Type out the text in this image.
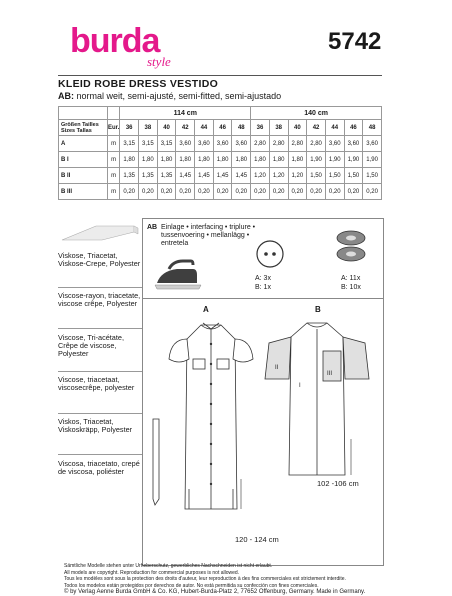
burda
style
5742
KLEID ROBE DRESS VESTIDO
AB: normal weit, semi-ajusté, semi-fitted, semi-ajustado
		114 cm							140 cm						
Größen Tailles
Sizes Tallas	Eur.	36	38	40	42	44	46	48	36	38	40	42	44	46	48
A	m	3,15	3,15	3,15	3,60	3,60	3,60	3,60	2,80	2,80	2,80	2,80	3,60	3,60	3,60
B I	m	1,80	1,80	1,80	1,80	1,80	1,80	1,80	1,80	1,80	1,80	1,90	1,90	1,90	1,90
B II	m	1,35	1,35	1,35	1,45	1,45	1,45	1,45	1,20	1,20	1,20	1,50	1,50	1,50	1,50
B III	m	0,20	0,20	0,20	0,20	0,20	0,20	0,20	0,20	0,20	0,20	0,20	0,20	0,20	0,20
Viskose, Triacetat, Viskose-Crepe, Polyester
Viscose-rayon, triacetate, viscose crêpe, Polyester
Viscose, Tri-acétate, Crêpe de viscose, Polyester
Viscose, triacetaat, viscosecrêpe, polyester
Viskos, Triacetat, Viskoskräpp, Polyester
Viscosa, triacetato, crepé de viscosa, poliéster
AB Einlage • interfacing • triplure •
tussenvoering • mellanlägg •
entretela
A: 3x
B: 1x
A: 11x
B: 10x
A	B
II
I
III
120 - 124 cm
102 -106 cm
Sämtliche Modelle stehen unter Urheberschutz, gewerbliches Nachschneiden ist nicht erlaubt.
All models are copyright. Reproduction for commercial purposes is not allowed.
Tous les modèles sont sous la protection des droits d'auteur, leur reproduction à des fins commerciales est strictement interdite.
Todos los modelos están protegidos por derechos de autor. No está permitida su confección con fines comerciales.
© by Verlag Aenne Burda GmbH & Co. KG, Hubert-Burda-Platz 2, 77652 Offenburg, Germany. Made in Germany.
